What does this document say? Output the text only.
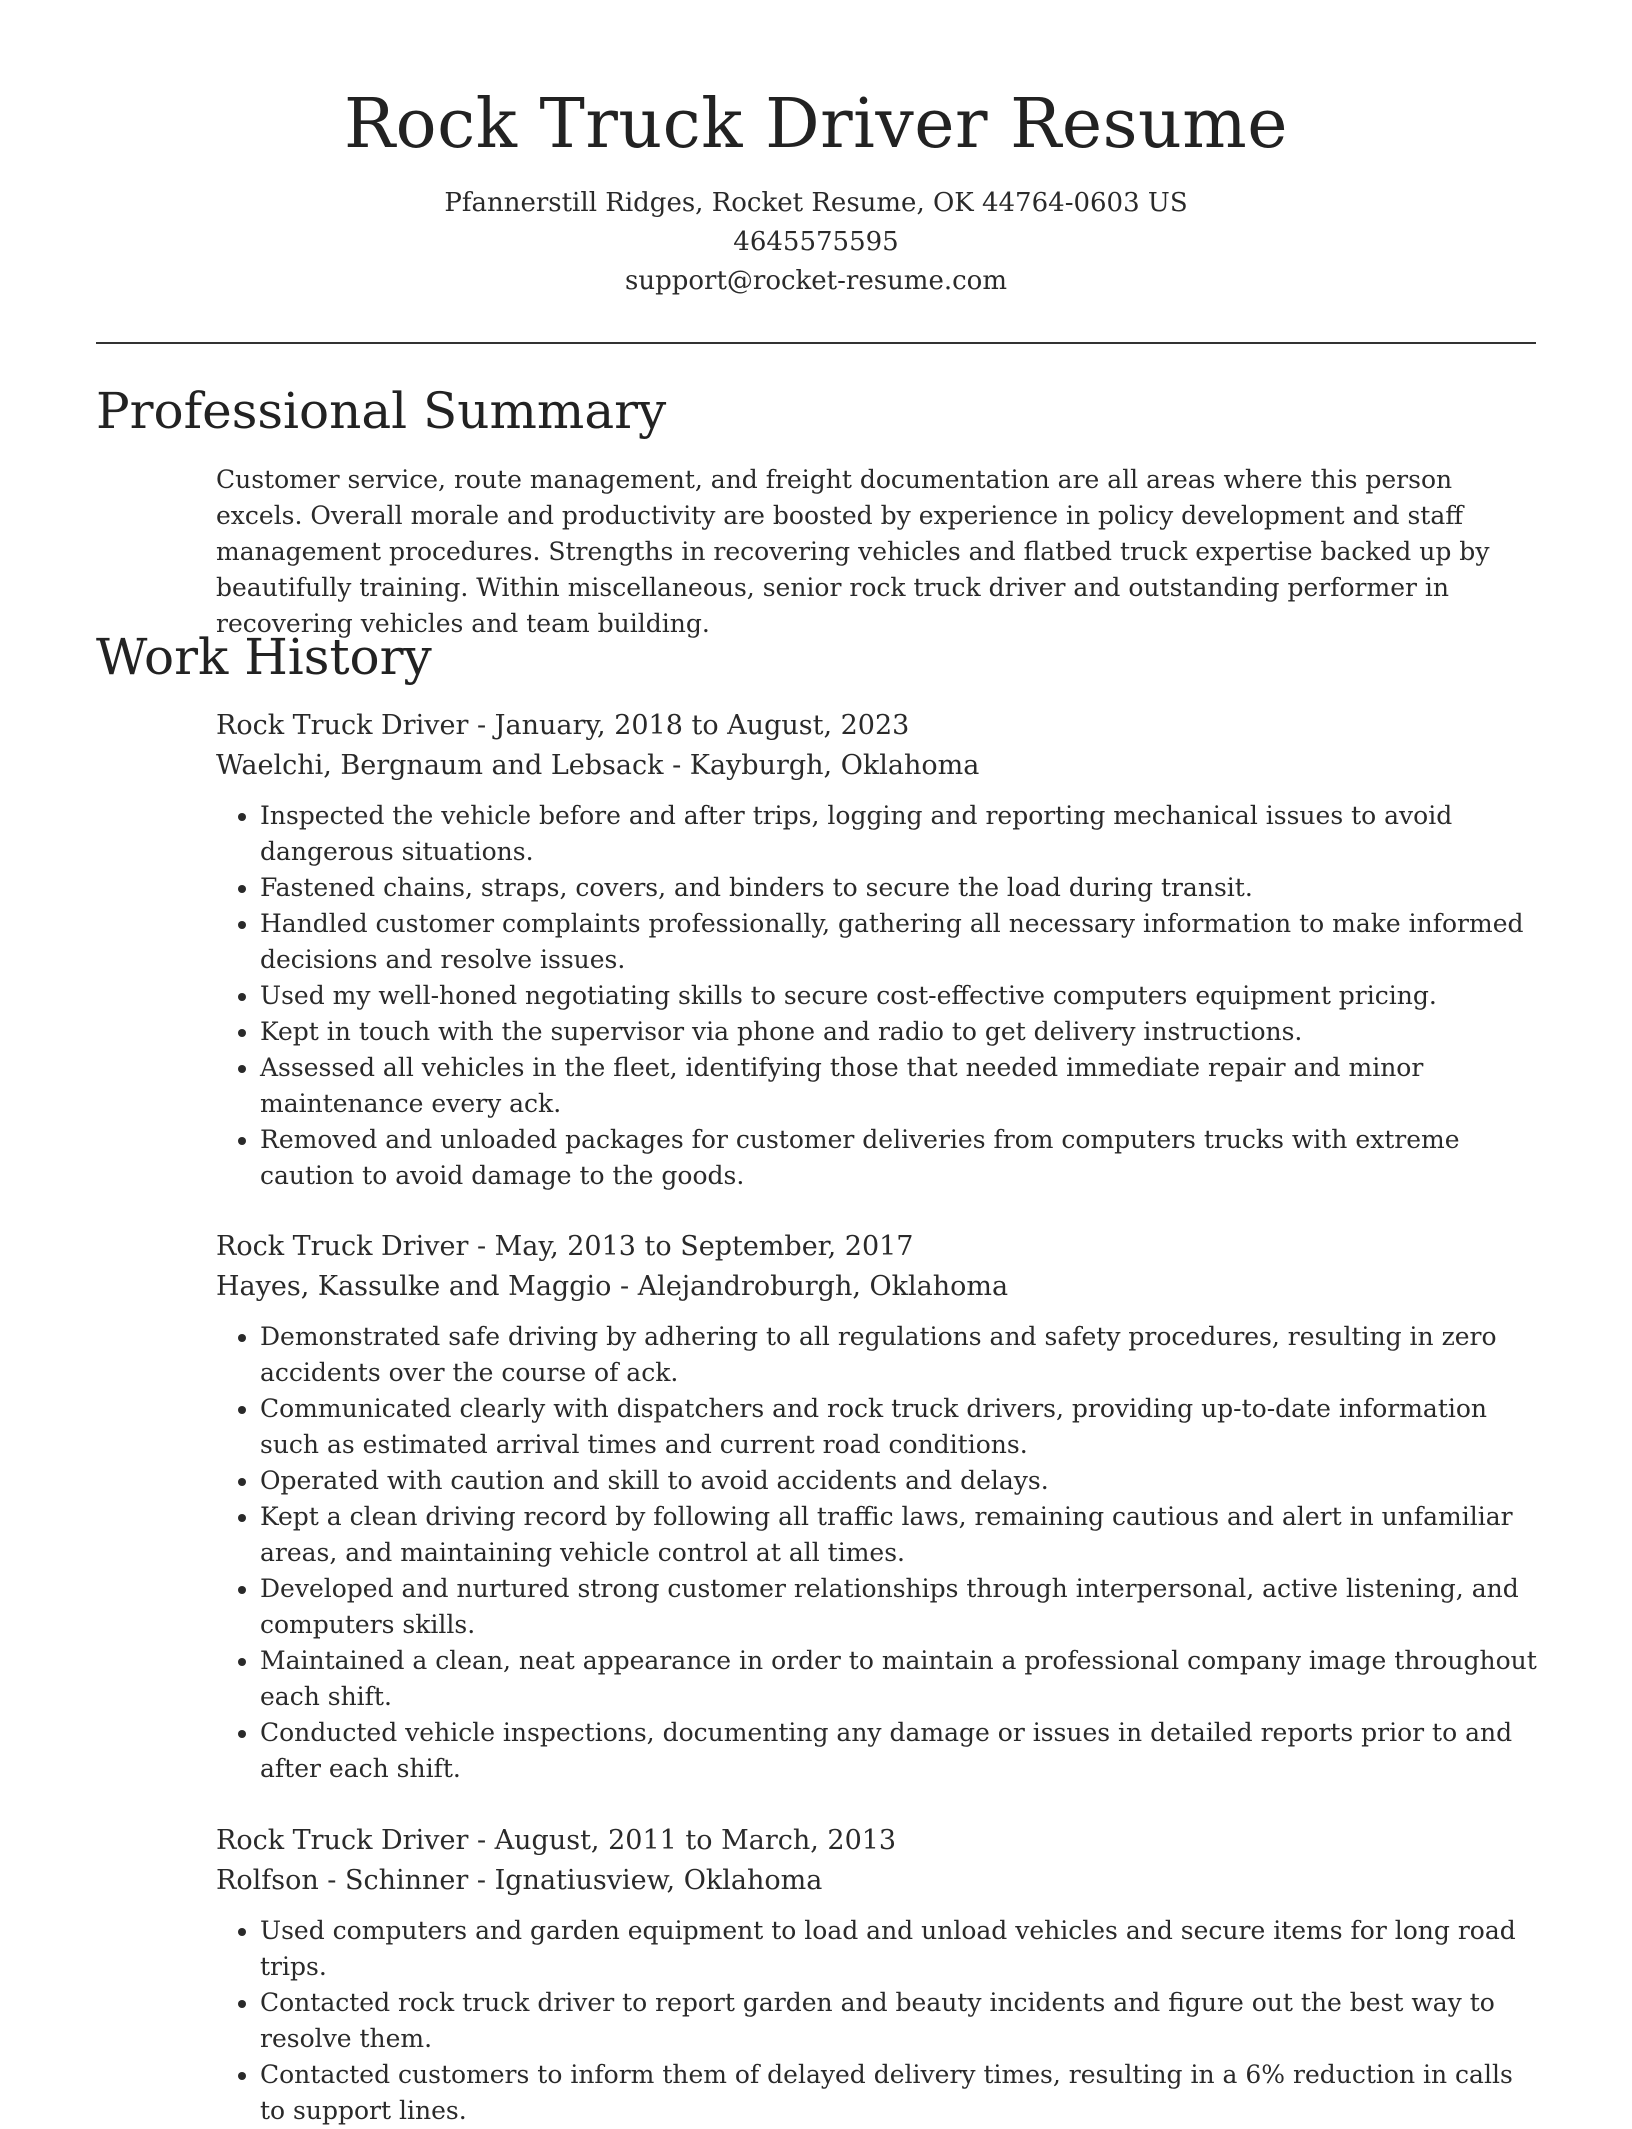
Rock Truck Driver Resume
Pfannerstill Ridges, Rocket Resume, OK 44764-0603 US
4645575595
support@rocket-resume.com
Professional Summary

Customer service, route management, and freight documentation are all areas where this person excels. Overall morale and productivity are boosted by experience in policy development and staff management procedures. Strengths in recovering vehicles and flatbed truck expertise backed up by beautifully training. Within miscellaneous, senior rock truck driver and outstanding performer in recovering vehicles and team building.

Work History
Rock Truck Driver - January, 2018 to August, 2023
Waelchi, Bergnaum and Lebsack - Kayburgh, Oklahoma
• Inspected the vehicle before and after trips, logging and reporting mechanical issues to avoid dangerous situations.
• Fastened chains, straps, covers, and binders to secure the load during transit.
• Handled customer complaints professionally, gathering all necessary information to make informed decisions and resolve issues.
• Used my well-honed negotiating skills to secure cost-effective computers equipment pricing.
• Kept in touch with the supervisor via phone and radio to get delivery instructions.
• Assessed all vehicles in the fleet, identifying those that needed immediate repair and minor maintenance every ack.
• Removed and unloaded packages for customer deliveries from computers trucks with extreme caution to avoid damage to the goods.
Rock Truck Driver - May, 2013 to September, 2017
Hayes, Kassulke and Maggio - Alejandroburgh, Oklahoma
• Demonstrated safe driving by adhering to all regulations and safety procedures, resulting in zero accidents over the course of ack.
• Communicated clearly with dispatchers and rock truck drivers, providing up-to-date information such as estimated arrival times and current road conditions.
• Operated with caution and skill to avoid accidents and delays.
• Kept a clean driving record by following all traffic laws, remaining cautious and alert in unfamiliar areas, and maintaining vehicle control at all times.
• Developed and nurtured strong customer relationships through interpersonal, active listening, and computers skills.
• Maintained a clean, neat appearance in order to maintain a professional company image throughout each shift.
• Conducted vehicle inspections, documenting any damage or issues in detailed reports prior to and after each shift.
Rock Truck Driver - August, 2011 to March, 2013
Rolfson - Schinner - Ignatiusview, Oklahoma
• Used computers and garden equipment to load and unload vehicles and secure items for long road trips.
• Contacted rock truck driver to report garden and beauty incidents and figure out the best way to resolve them.
• Contacted customers to inform them of delayed delivery times, resulting in a 6% reduction in calls to support lines.
